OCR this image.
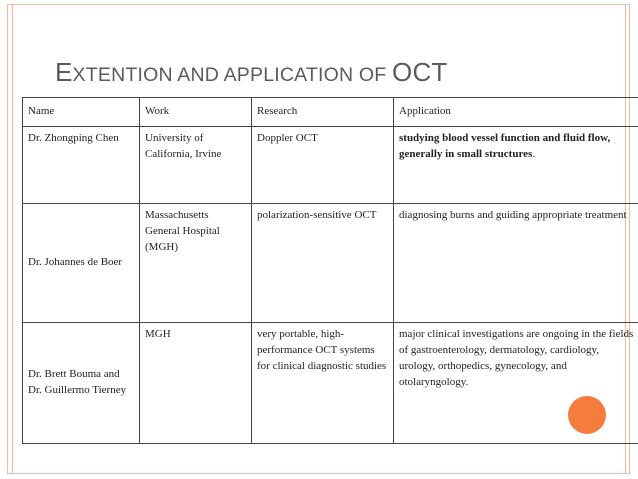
EXTENTION AND APPLICATION OF OCT
Name	Work	Research	Application
Dr. Zhongping Chen	University of California, Irvine	Doppler OCT	studying blood vessel function and fluid flow, generally in small structures.
Dr. Johannes de Boer	Massachusetts General Hospital (MGH)	polarization-sensitive OCT	diagnosing burns and guiding appropriate treatment
Dr. Brett Bouma and Dr. Guillermo Tierney	MGH	very portable, high-performance OCT systems for clinical diagnostic studies	major clinical investigations are ongoing in the fields of gastroenterology, dermatology, cardiology, urology, orthopedics, gynecology, and otolaryngology.
